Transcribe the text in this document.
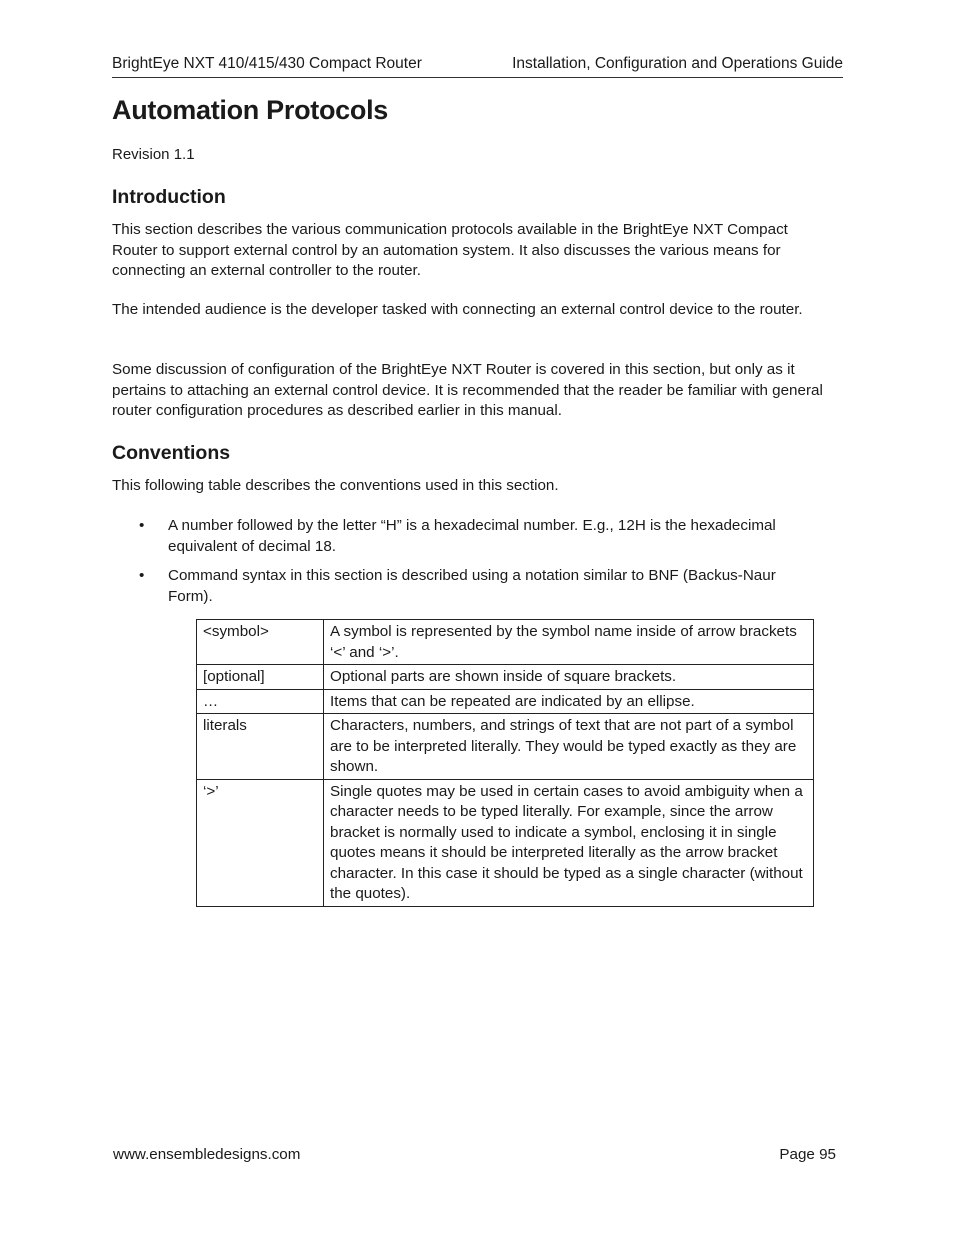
BrightEye NXT 410/415/430 Compact Router	Installation, Configuration and Operations Guide
Automation Protocols
Revision 1.1
Introduction
This section describes the various communication protocols available in the BrightEye NXT Compact Router to support external control by an automation system. It also discusses the various means for connecting an external controller to the router.
The intended audience is the developer tasked with connecting an external control device to the router.
Some discussion of configuration of the BrightEye NXT Router is covered in this section, but only as it pertains to attaching an external control device. It is recommended that the reader be familiar with general router configuration procedures as described earlier in this manual.
Conventions
This following table describes the conventions used in this section.
• A number followed by the letter “H” is a hexadecimal number. E.g., 12H is the hexadecimal equivalent of decimal 18.
• Command syntax in this section is described using a notation similar to BNF (Backus-Naur Form).
<symbol>	A symbol is represented by the symbol name inside of arrow brackets ‘<’ and ‘>’.
[optional]	Optional parts are shown inside of square brackets.
…	Items that can be repeated are indicated by an ellipse.
literals	Characters, numbers, and strings of text that are not part of a symbol are to be interpreted literally. They would be typed exactly as they are shown.
‘>’	Single quotes may be used in certain cases to avoid ambiguity when a character needs to be typed literally. For example, since the arrow bracket is normally used to indicate a symbol, enclosing it in single quotes means it should be interpreted literally as the arrow bracket character. In this case it should be typed as a single character (without the quotes).
www.ensembledesigns.com	Page 95
